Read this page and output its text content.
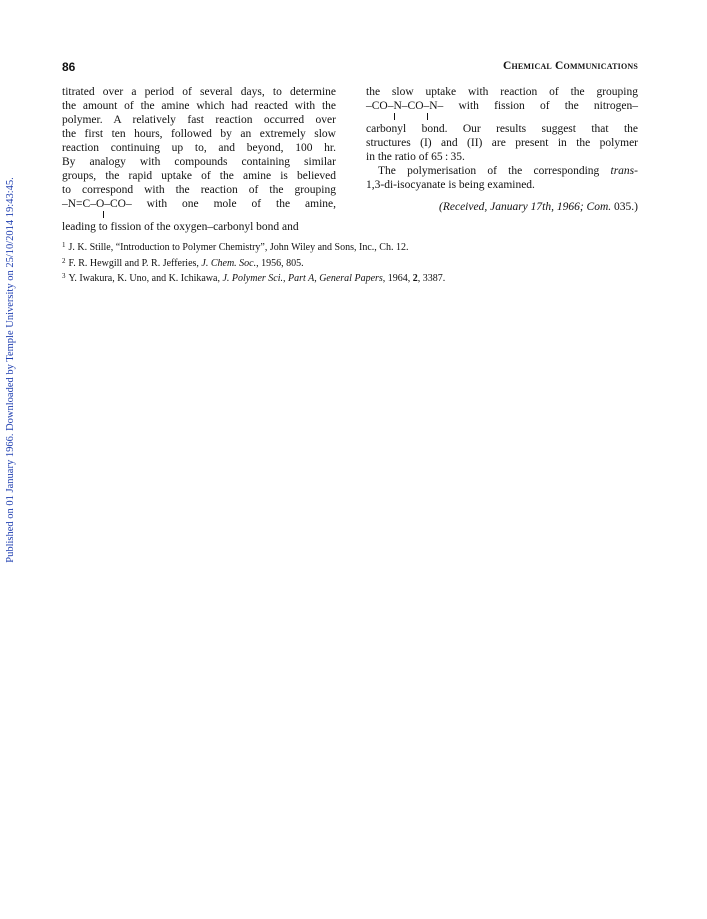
Published on 01 January 1966. Downloaded by Temple University on 25/10/2014 19:43:45.
86	Chemical Communications
titrated over a period of several days, to determine
the amount of the amine which had reacted with the
polymer. A relatively fast reaction occurred over
the first ten hours, followed by an extremely slow
reaction continuing up to, and beyond, 100 hr.
By analogy with compounds containing similar
groups, the rapid uptake of the amine is believed
to correspond with the reaction of the grouping
–N=C–O–CO– with one mole of the amine,
leading to fission of the oxygen–carbonyl bond and
the slow uptake with reaction of the grouping
–CO–N–CO–N– with fission of the nitrogen–
carbonyl bond. Our results suggest that the
structures (I) and (II) are present in the polymer
in the ratio of 65 : 35.
The polymerisation of the corresponding trans-
1,3-di-isocyanate is being examined.
(Received, January 17th, 1966; Com. 035.)
$^1$ J. K. Stille, “Introduction to Polymer Chemistry”, John Wiley and Sons, Inc., Ch. 12.
$^2$ F. R. Hewgill and P. R. Jefferies, J. Chem. Soc., 1956, 805.
$^3$ Y. Iwakura, K. Uno, and K. Ichikawa, J. Polymer Sci., Part A, General Papers, 1964, 2, 3387.
